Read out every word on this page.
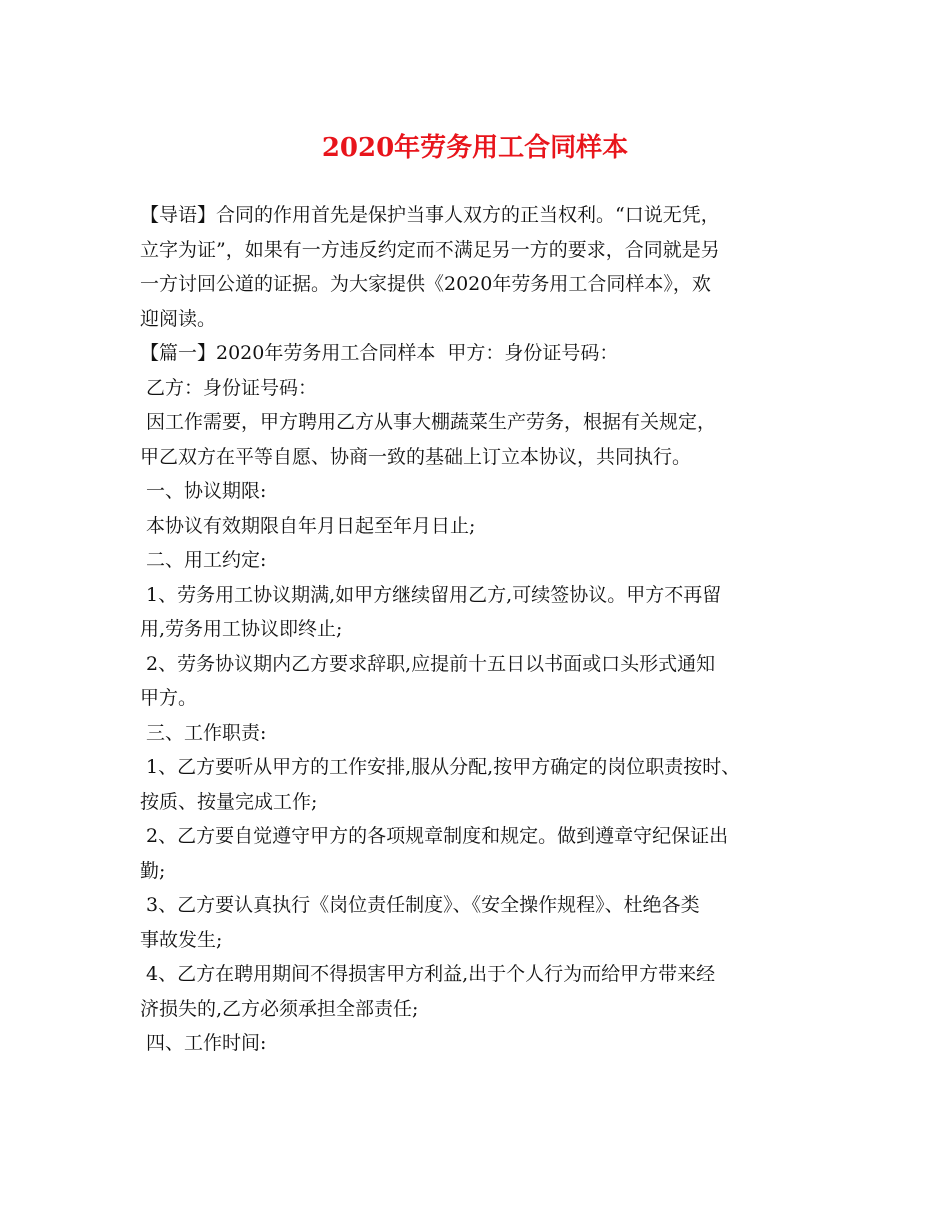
2020年劳务用工合同样本

【导语】合同的作用首先是保护当事人双方的正当权利。“口说无凭，

立字为证”，如果有一方违反约定而不满足另一方的要求，合同就是另

一方讨回公道的证据。为大家提供《2020年劳务用工合同样本》，欢

迎阅读。

【篇一】2020年劳务用工合同样本  甲方：身份证号码：

乙方：身份证号码：

因工作需要，甲方聘用乙方从事大棚蔬菜生产劳务，根据有关规定，

甲乙双方在平等自愿、协商一致的基础上订立本协议，共同执行。

一、协议期限:

本协议有效期限自年月日起至年月日止;

二、用工约定:

1、劳务用工协议期满,如甲方继续留用乙方,可续签协议。甲方不再留

用,劳务用工协议即终止;

2、劳务协议期内乙方要求辞职,应提前十五日以书面或口头形式通知

甲方。

三、工作职责:

1、乙方要听从甲方的工作安排,服从分配,按甲方确定的岗位职责按时、

按质、按量完成工作;

2、乙方要自觉遵守甲方的各项规章制度和规定。做到遵章守纪保证出

勤;

3、乙方要认真执行《岗位责任制度》、《安全操作规程》、杜绝各类

事故发生;

4、乙方在聘用期间不得损害甲方利益,出于个人行为而给甲方带来经

济损失的,乙方必须承担全部责任;

四、工作时间:
